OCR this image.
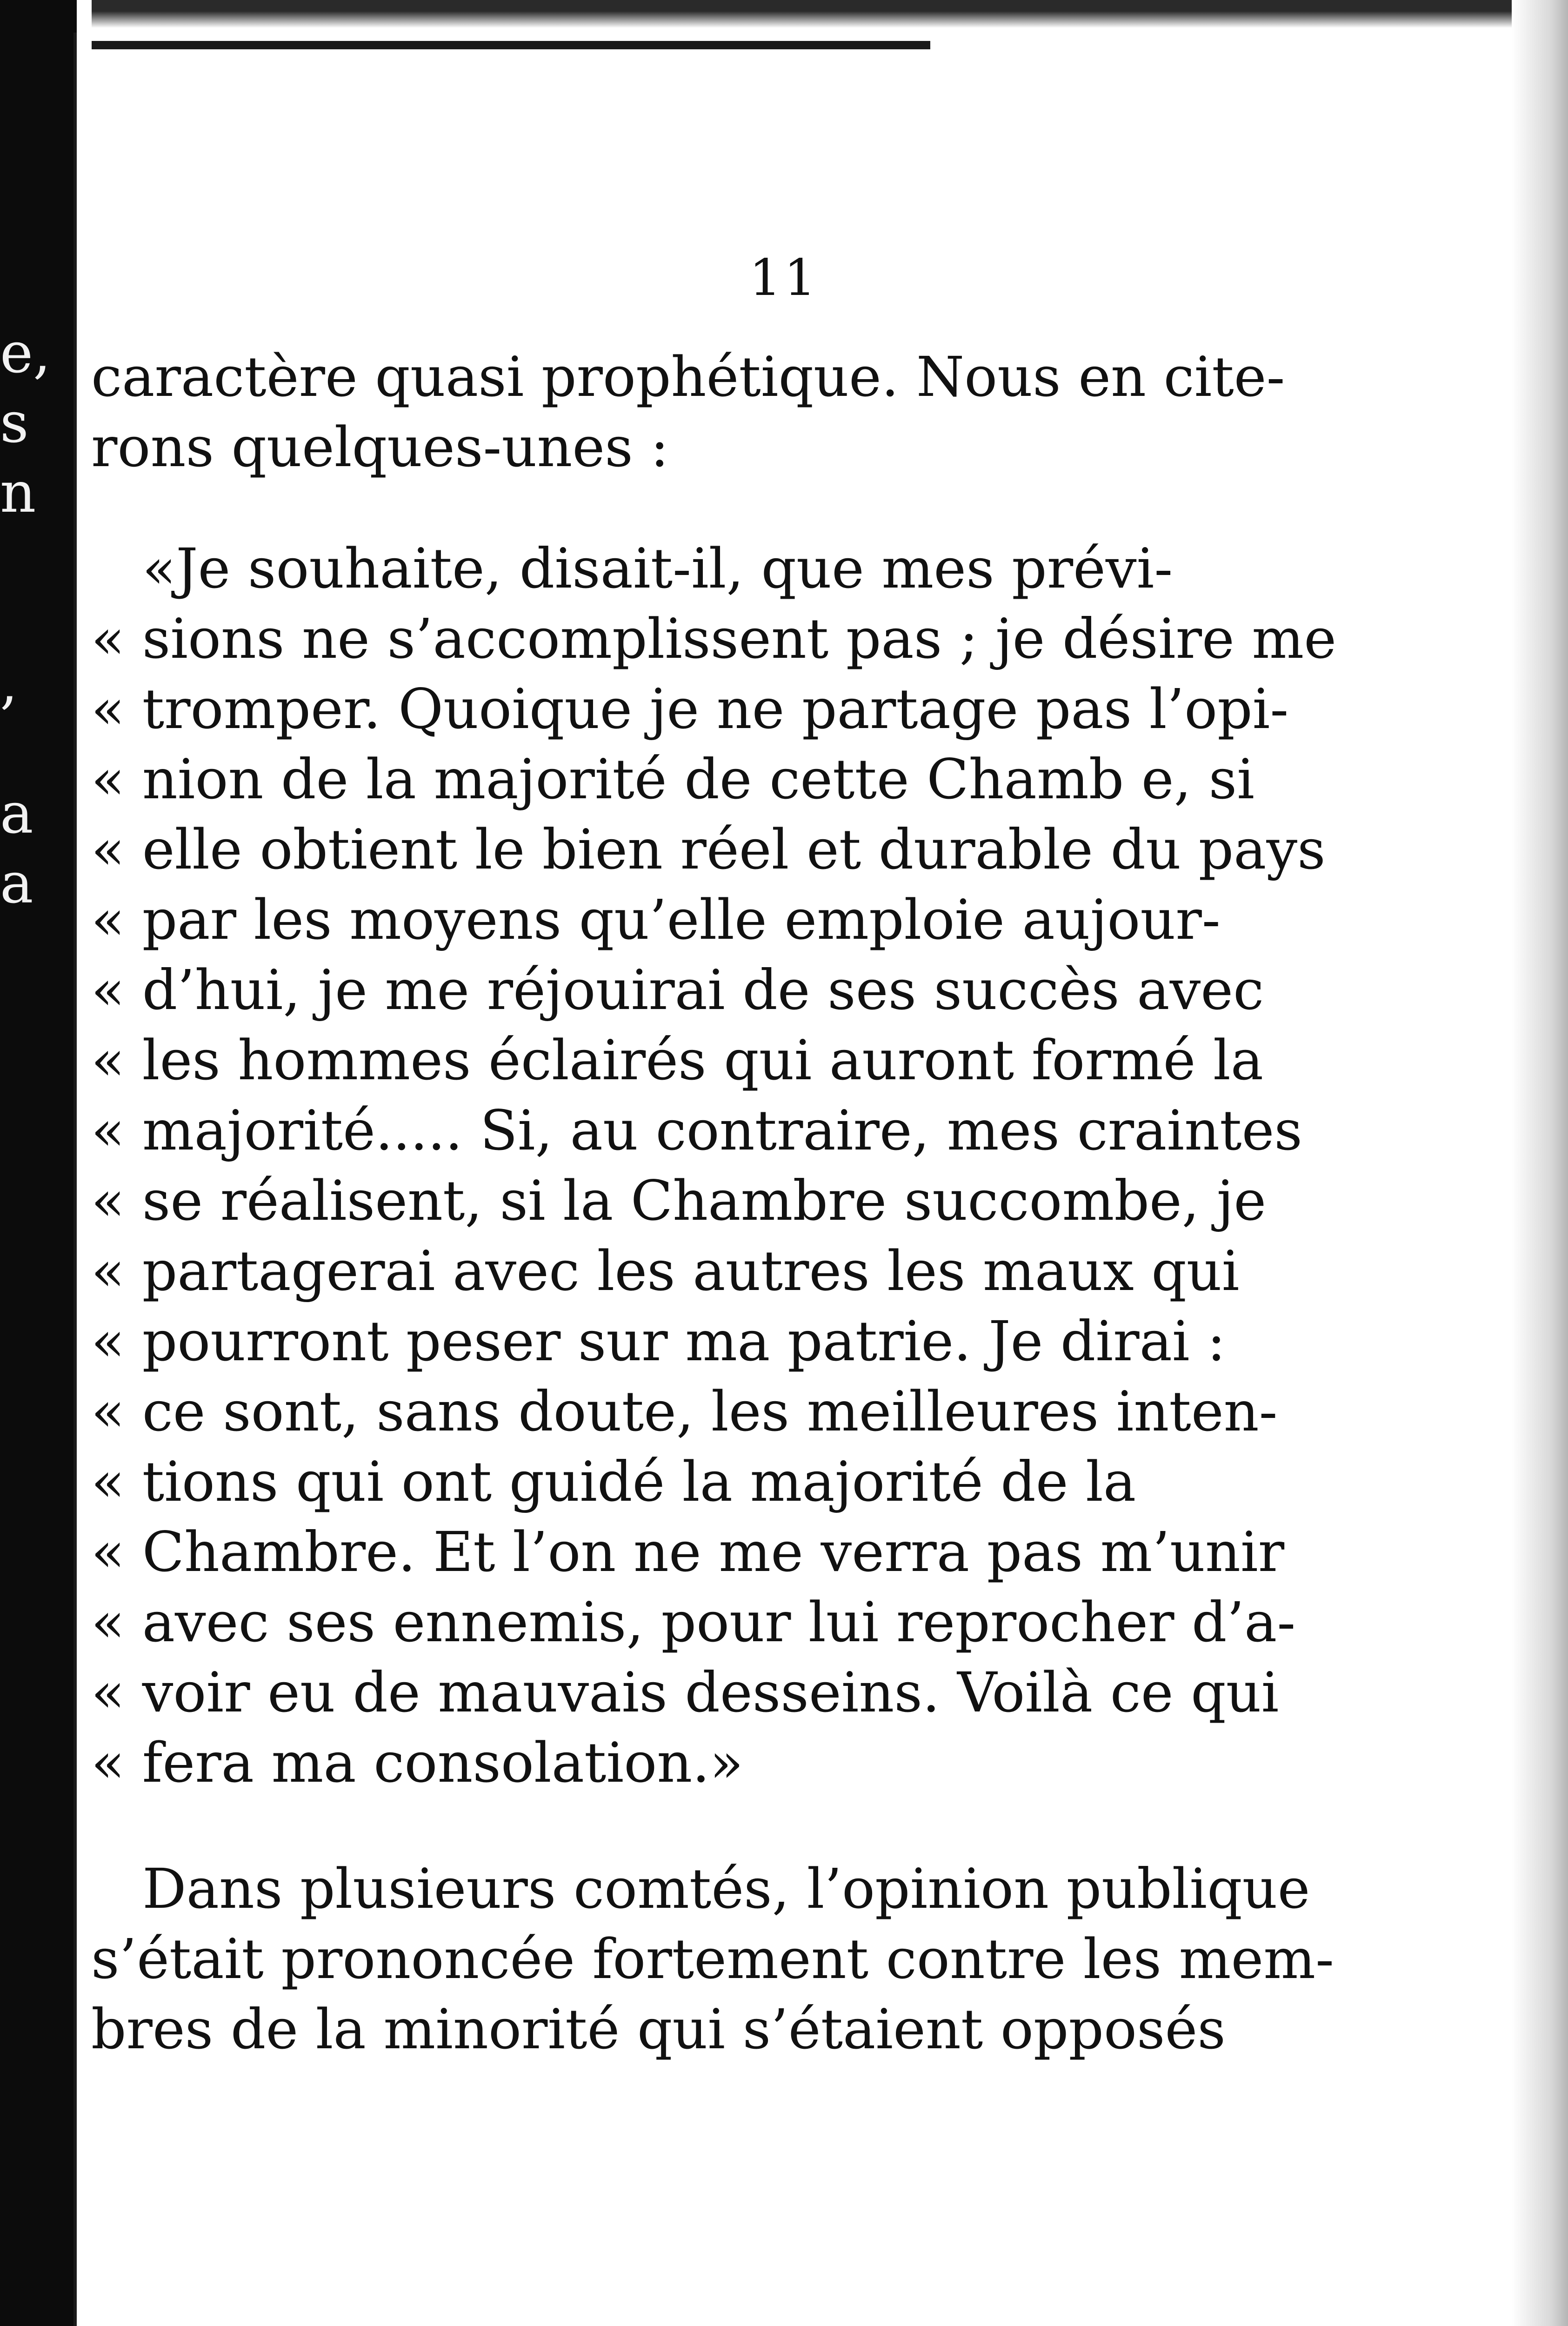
e,
s
n
,
a
a
11
caractère quasi prophétique. Nous en cite-
rons quelques-unes :
«Je souhaite, disait-il, que mes prévi-
« sions ne s’accomplissent pas ; je désire me
« tromper. Quoique je ne partage pas l’opi-
« nion de la majorité de cette Chamb e, si
« elle obtient le bien réel et durable du pays
« par les moyens qu’elle emploie aujour-
« d’hui, je me réjouirai de ses succès avec
« les hommes éclairés qui auront formé la
« majorité..... Si, au contraire, mes craintes
« se réalisent, si la Chambre succombe, je
« partagerai avec les autres les maux qui
« pourront peser sur ma patrie. Je dirai :
« ce sont, sans doute, les meilleures inten-
« tions qui ont guidé la majorité de la
« Chambre. Et l’on ne me verra pas m’unir
« avec ses ennemis, pour lui reprocher d’a-
« voir eu de mauvais desseins. Voilà ce qui
« fera ma consolation.»
Dans plusieurs comtés, l’opinion publique
s’était prononcée fortement contre les mem-
bres de la minorité qui s’étaient opposés
